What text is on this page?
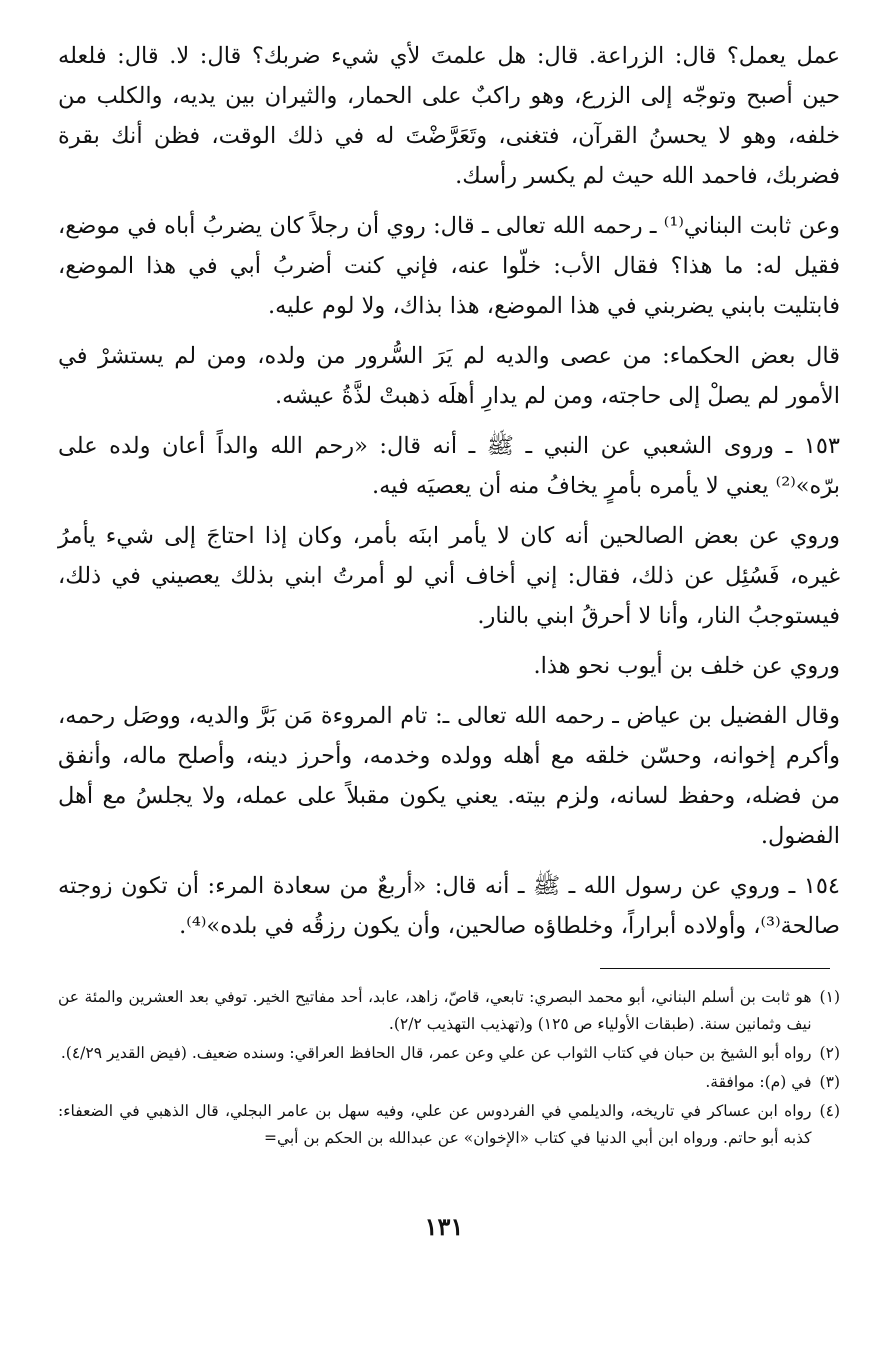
عمل يعمل؟ قال: الزراعة. قال: هل علمتَ لأي شيء ضربك؟ قال: لا. قال: فلعله حين أصبح وتوجّه إلى الزرع، وهو راكبٌ على الحمار، والثيران بين يديه، والكلب من خلفه، وهو لا يحسنُ القرآن، فتغنى، وتَعَرَّضْتَ له في ذلك الوقت، فظن أنك بقرة فضربك، فاحمد الله حيث لم يكسر رأسك.

وعن ثابت البناني⁽¹⁾ ـ رحمه الله تعالى ـ قال: روي أن رجلاً كان يضربُ أباه في موضع، فقيل له: ما هذا؟ فقال الأب: خلّوا عنه، فإني كنت أضربُ أبي في هذا الموضع، فابتليت بابني يضربني في هذا الموضع، هذا بذاك، ولا لوم عليه.

قال بعض الحكماء: من عصى والديه لم يَرَ السُّرور من ولده، ومن لم يستشرْ في الأمور لم يصلْ إلى حاجته، ومن لم يدارِ أهلَه ذهبتْ لذَّةُ عيشه.

١٥٣ ـ وروى الشعبي عن النبي ـ ﷺ ـ أنه قال: «رحم الله والداً أعان ولده على برّه»⁽²⁾ يعني لا يأمره بأمرٍ يخافُ منه أن يعصيَه فيه.

وروي عن بعض الصالحين أنه كان لا يأمر ابنَه بأمر، وكان إذا احتاجَ إلى شيء يأمرُ غيره، فَسُئِل عن ذلك، فقال: إني أخاف أني لو أمرتُ ابني بذلك يعصيني في ذلك، فيستوجبُ النار، وأنا لا أحرقُ ابني بالنار.

وروي عن خلف بن أيوب نحو هذا.

وقال الفضيل بن عياض ـ رحمه الله تعالى ـ: تام المروءة مَن بَرَّ والديه، ووصَل رحمه، وأكرم إخوانه، وحسّن خلقه مع أهله وولده وخدمه، وأحرز دينه، وأصلح ماله، وأنفق من فضله، وحفظ لسانه، ولزم بيته. يعني يكون مقبلاً على عمله، ولا يجلسُ مع أهل الفضول.

١٥٤ ـ وروي عن رسول الله ـ ﷺ ـ أنه قال: «أربعٌ من سعادة المرء: أن تكون زوجته صالحة⁽³⁾، وأولاده أبراراً، وخلطاؤه صالحين، وأن يكون رزقُه في بلده»⁽⁴⁾.

(١)
هو ثابت بن أسلم البناني، أبو محمد البصري: تابعي، قاصّ، زاهد، عابد، أحد مفاتيح الخير. توفي بعد العشرين والمئة عن نيف وثمانين سنة. (طبقات الأولياء ص ١٢٥) و(تهذيب التهذيب ٢/٢).
(٢)
رواه أبو الشيخ بن حبان في كتاب الثواب عن علي وعن عمر، قال الحافظ العراقي: وسنده ضعيف. (فيض القدير ٤/٢٩).
(٣)
في (م): موافقة.
(٤)
رواه ابن عساكر في تاريخه، والديلمي في الفردوس عن علي، وفيه سهل بن عامر البجلي، قال الذهبي في الضعفاء: كذبه أبو حاتم. ورواه ابن أبي الدنيا في كتاب «الإخوان» عن عبدالله بن الحكم بن أبي=
١٣١
